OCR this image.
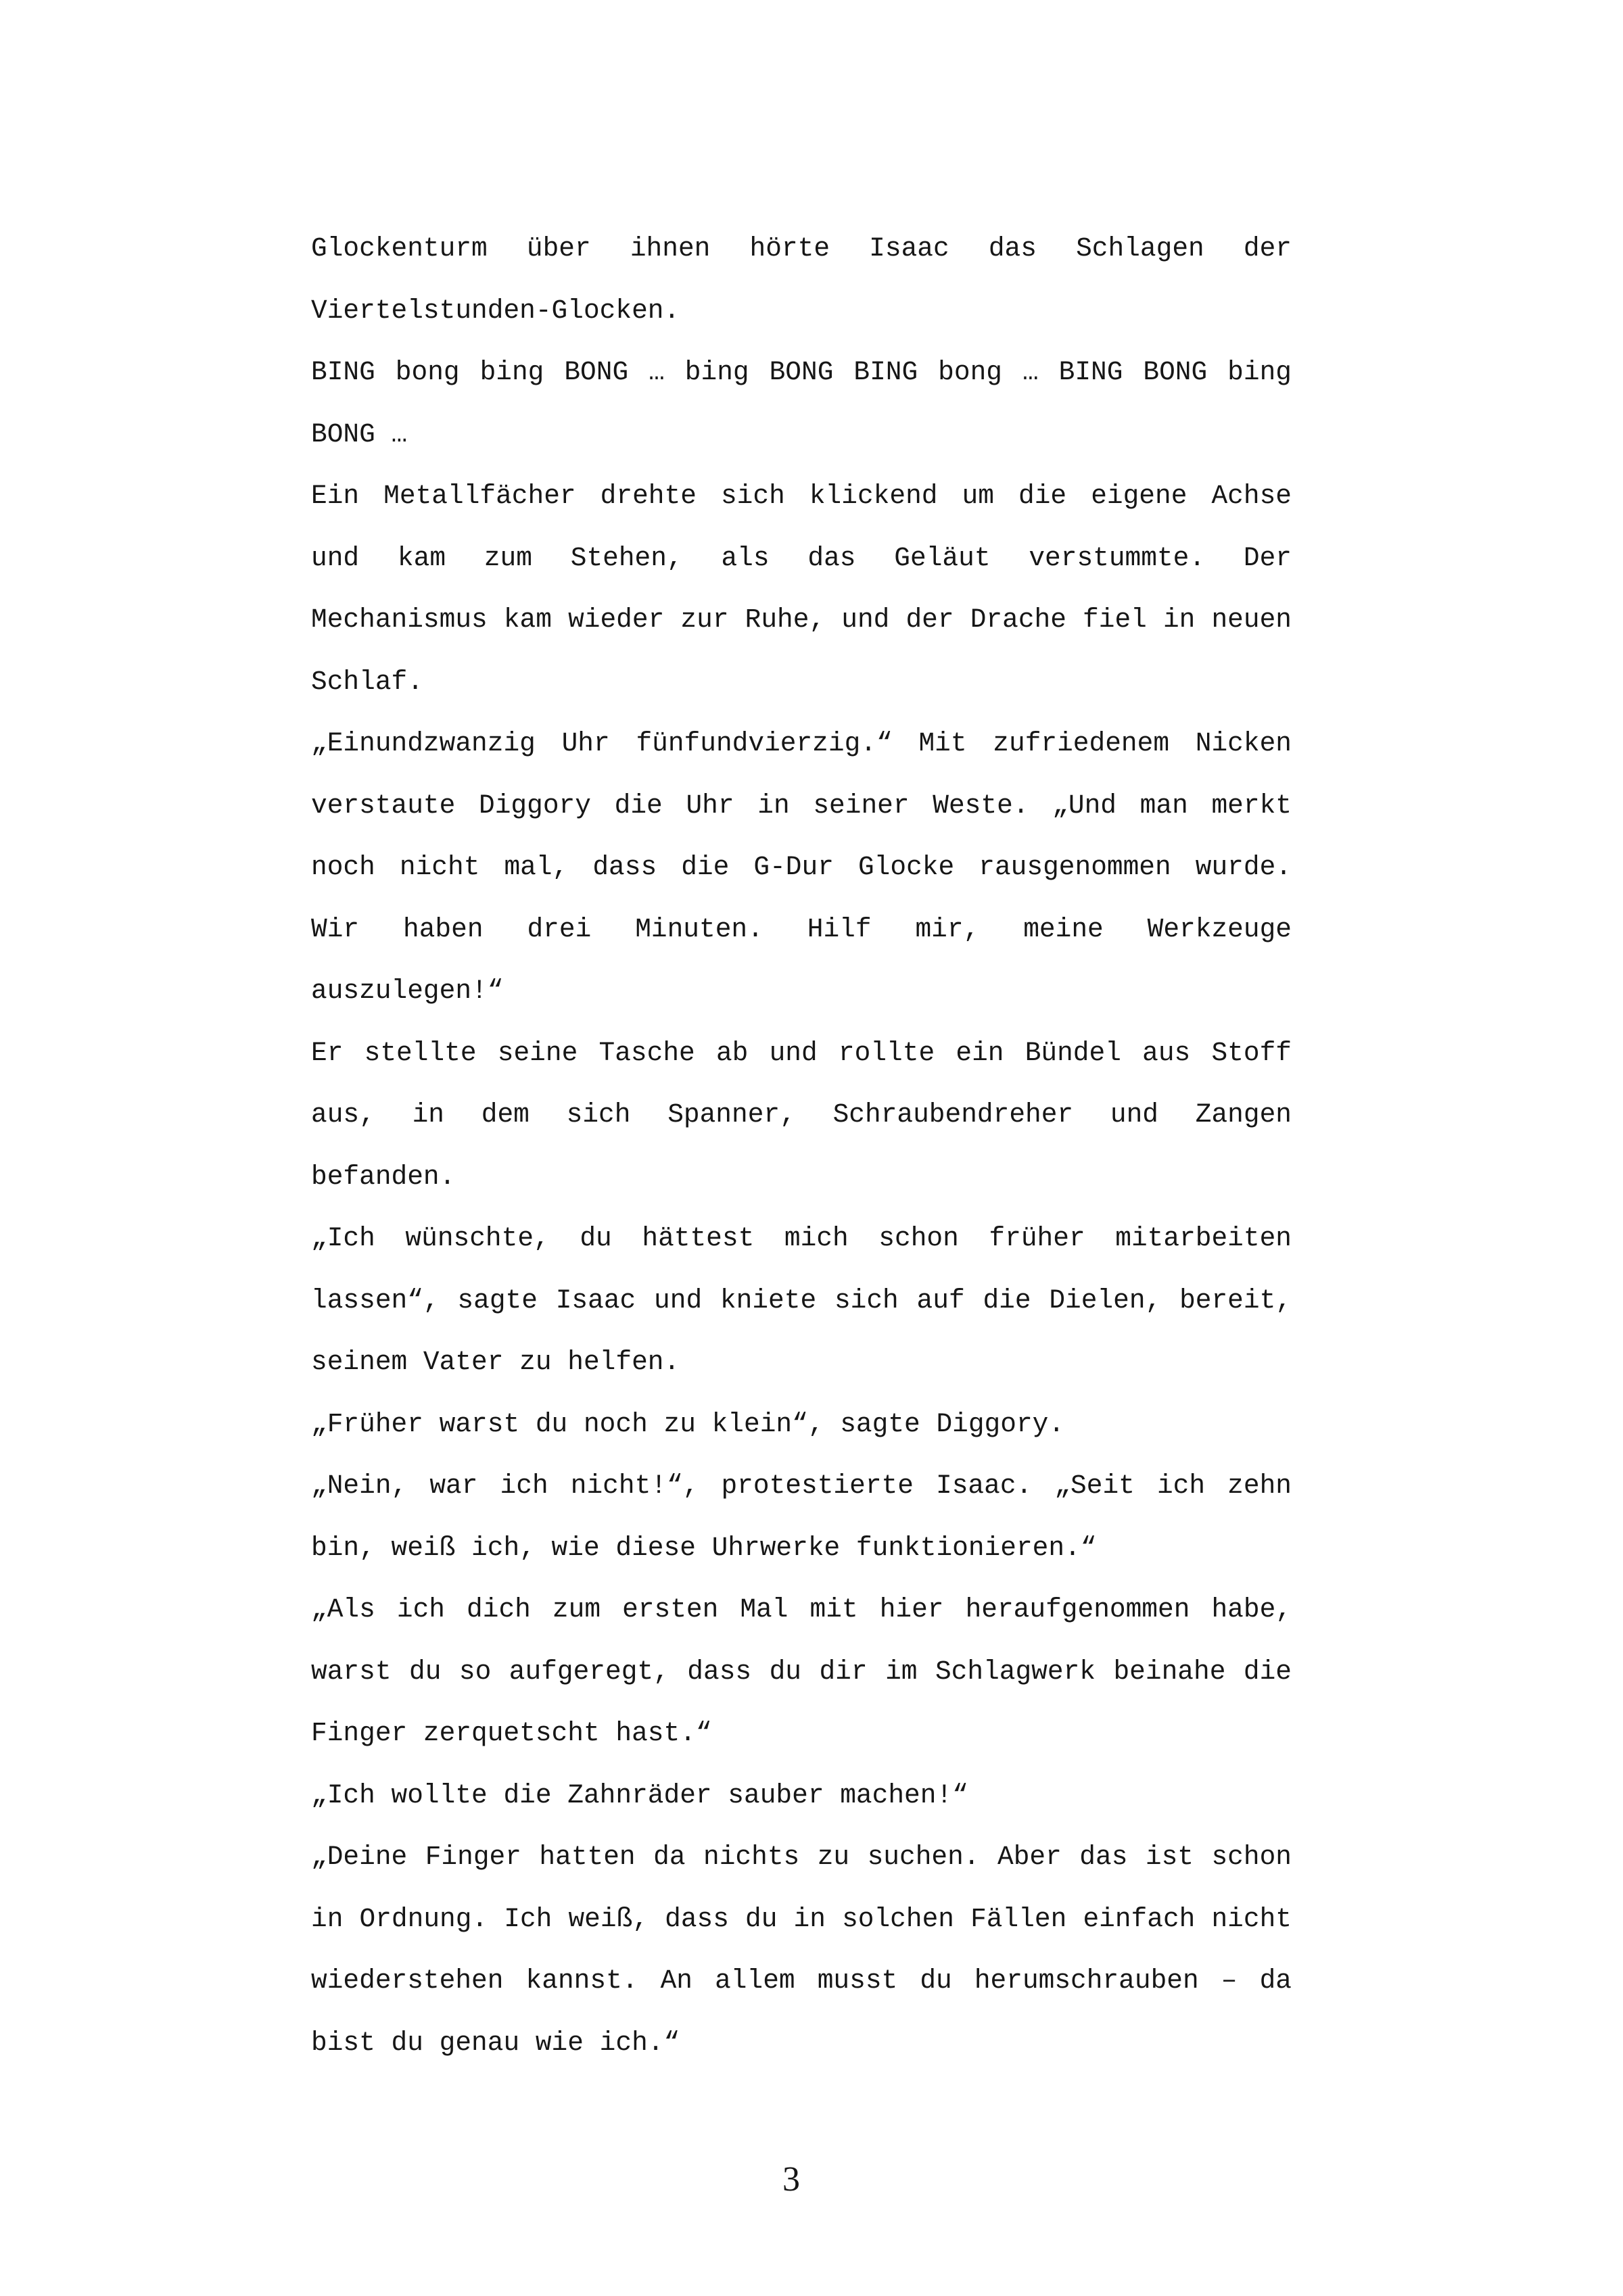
Glockenturm über ihnen hörte Isaac das Schlagen der
Viertelstunden-Glocken.
BING bong bing BONG … bing BONG BING bong … BING BONG bing
BONG …
Ein Metallfächer drehte sich klickend um die eigene Achse
und kam zum Stehen, als das Geläut verstummte. Der
Mechanismus kam wieder zur Ruhe, und der Drache fiel in neuen
Schlaf.
„Einundzwanzig Uhr fünfundvierzig.“ Mit zufriedenem Nicken
verstaute Diggory die Uhr in seiner Weste. „Und man merkt
noch nicht mal, dass die G-Dur Glocke rausgenommen wurde.
Wir haben drei Minuten. Hilf mir, meine Werkzeuge
auszulegen!“
Er stellte seine Tasche ab und rollte ein Bündel aus Stoff
aus, in dem sich Spanner, Schraubendreher und Zangen
befanden.
„Ich wünschte, du hättest mich schon früher mitarbeiten
lassen“, sagte Isaac und kniete sich auf die Dielen, bereit,
seinem Vater zu helfen.
„Früher warst du noch zu klein“, sagte Diggory.
„Nein, war ich nicht!“, protestierte Isaac. „Seit ich zehn
bin, weiß ich, wie diese Uhrwerke funktionieren.“
„Als ich dich zum ersten Mal mit hier heraufgenommen habe,
warst du so aufgeregt, dass du dir im Schlagwerk beinahe die
Finger zerquetscht hast.“
„Ich wollte die Zahnräder sauber machen!“
„Deine Finger hatten da nichts zu suchen. Aber das ist schon
in Ordnung. Ich weiß, dass du in solchen Fällen einfach nicht
wiederstehen kannst. An allem musst du herumschrauben – da
bist du genau wie ich.“
3
